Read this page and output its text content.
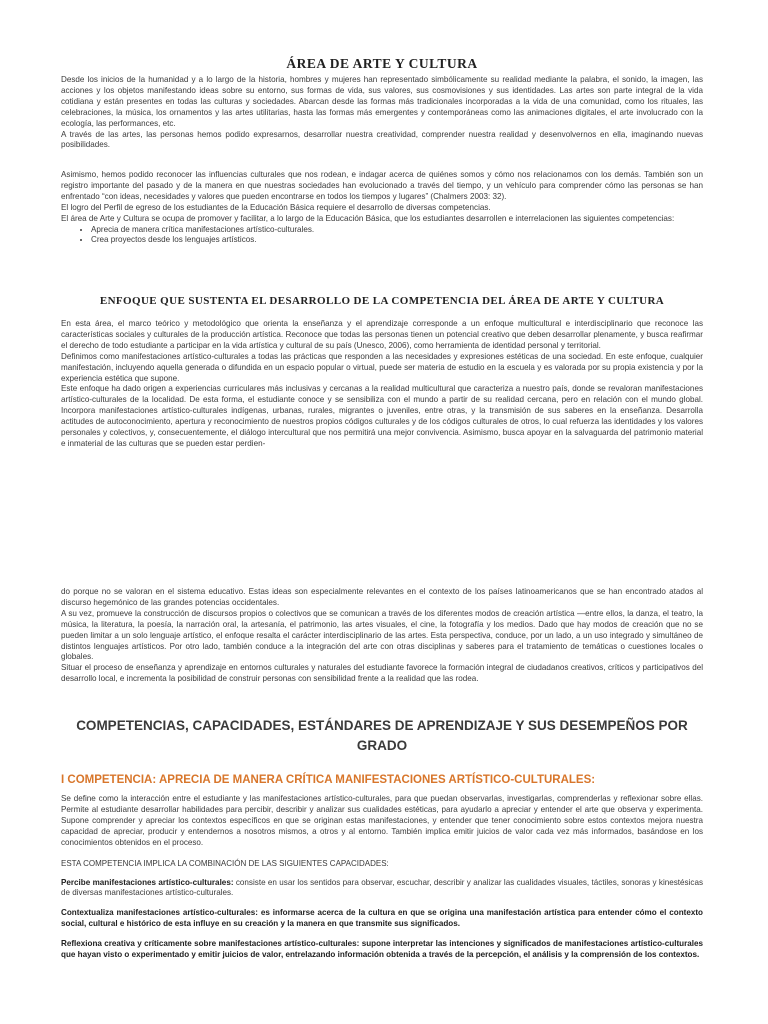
ÁREA DE ARTE Y CULTURA

Desde los inicios de la humanidad y a lo largo de la historia, hombres y mujeres han representado simbólicamente su realidad mediante la palabra, el sonido, la imagen, las acciones y los objetos manifestando ideas sobre su entorno, sus formas de vida, sus valores, sus cosmovisiones y sus identidades. Las artes son parte integral de la vida cotidiana y están presentes en todas las culturas y sociedades. Abarcan desde las formas más tradicionales incorporadas a la vida de una comunidad, como los rituales, las celebraciones, la música, los ornamentos y las artes utilitarias, hasta las formas más emergentes y contemporáneas como las animaciones digitales, el arte involucrado con la ecología, las performances, etc.

A través de las artes, las personas hemos podido expresarnos, desarrollar nuestra creatividad, comprender nuestra realidad y desenvolvernos en ella, imaginando nuevas posibilidades.

Asimismo, hemos podido reconocer las influencias culturales que nos rodean, e indagar acerca de quiénes somos y cómo nos relacionamos con los demás. También son un registro importante del pasado y de la manera en que nuestras sociedades han evolucionado a través del tiempo, y un vehículo para comprender cómo las personas se han enfrentado “con ideas, necesidades y valores que pueden encontrarse en todos los tiempos y lugares” (Chalmers 2003: 32).

El logro del Perfil de egreso de los estudiantes de la Educación Básica requiere el desarrollo de diversas competencias.

El área de Arte y Cultura se ocupa de promover y facilitar, a lo largo de la Educación Básica, que los estudiantes desarrollen e interrelacionen las siguientes competencias:

• Aprecia de manera crítica manifestaciones artístico-culturales.
• Crea proyectos desde los lenguajes artísticos.
ENFOQUE QUE SUSTENTA EL DESARROLLO DE LA COMPETENCIA DEL ÁREA DE ARTE Y CULTURA

En esta área, el marco teórico y metodológico que orienta la enseñanza y el aprendizaje corresponde a un enfoque multicultural e interdisciplinario que reconoce las características sociales y culturales de la producción artística. Reconoce que todas las personas tienen un potencial creativo que deben desarrollar plenamente, y busca reafirmar el derecho de todo estudiante a participar en la vida artística y cultural de su país (Unesco, 2006), como herramienta de identidad personal y territorial.

Definimos como manifestaciones artístico-culturales a todas las prácticas que responden a las necesidades y expresiones estéticas de una sociedad. En este enfoque, cualquier manifestación, incluyendo aquella generada o difundida en un espacio popular o virtual, puede ser materia de estudio en la escuela y es valorada por su propia existencia y por la experiencia estética que supone.

Este enfoque ha dado origen a experiencias curriculares más inclusivas y cercanas a la realidad multicultural que caracteriza a nuestro país, donde se revaloran manifestaciones artístico-culturales de la localidad. De esta forma, el estudiante conoce y se sensibiliza con el mundo a partir de su realidad cercana, pero en relación con el mundo global. Incorpora manifestaciones artístico-culturales indígenas, urbanas, rurales, migrantes o juveniles, entre otras, y la transmisión de sus saberes en la enseñanza. Desarrolla actitudes de autoconocimiento, apertura y reconocimiento de nuestros propios códigos culturales y de los códigos culturales de otros, lo cual refuerza las identidades y los valores personales y colectivos, y, consecuentemente, el diálogo intercultural que nos permitirá una mejor convivencia. Asimismo, busca apoyar en la salvaguarda del patrimonio material e inmaterial de las culturas que se pueden estar perdien-

do porque no se valoran en el sistema educativo. Estas ideas son especialmente relevantes en el contexto de los países latinoamericanos que se han encontrado atados al discurso hegemónico de las grandes potencias occidentales.

A su vez, promueve la construcción de discursos propios o colectivos que se comunican a través de los diferentes modos de creación artística —entre ellos, la danza, el teatro, la música, la literatura, la poesía, la narración oral, la artesanía, el patrimonio, las artes visuales, el cine, la fotografía y los medios. Dado que hay modos de creación que no se pueden limitar a un solo lenguaje artístico, el enfoque resalta el carácter interdisciplinario de las artes. Esta perspectiva, conduce, por un lado, a un uso integrado y simultáneo de distintos lenguajes artísticos. Por otro lado, también conduce a la integración del arte con otras disciplinas y saberes para el tratamiento de temáticas o cuestiones locales o globales.

Situar el proceso de enseñanza y aprendizaje en entornos culturales y naturales del estudiante favorece la formación integral de ciudadanos creativos, críticos y participativos del desarrollo local, e incrementa la posibilidad de construir personas con sensibilidad frente a la realidad que las rodea.

COMPETENCIAS, CAPACIDADES, ESTÁNDARES DE APRENDIZAJE Y SUS DESEMPEÑOS POR GRADO
I COMPETENCIA: APRECIA DE MANERA CRÍTICA MANIFESTACIONES ARTÍSTICO-CULTURALES:

Se define como la interacción entre el estudiante y las manifestaciones artístico-culturales, para que puedan observarlas, investigarlas, comprenderlas y reflexionar sobre ellas. Permite al estudiante desarrollar habilidades para percibir, describir y analizar sus cualidades estéticas, para ayudarlo a apreciar y entender el arte que observa y experimenta. Supone comprender y apreciar los contextos específicos en que se originan estas manifestaciones, y entender que tener conocimiento sobre estos contextos mejora nuestra capacidad de apreciar, producir y entendernos a nosotros mismos, a otros y al entorno. También implica emitir juicios de valor cada vez más informados, basándose en los conocimientos obtenidos en el proceso.

ESTA COMPETENCIA IMPLICA LA COMBINACIÓN DE LAS SIGUIENTES CAPACIDADES:

Percibe manifestaciones artístico-culturales: consiste en usar los sentidos para observar, escuchar, describir y analizar las cualidades visuales, táctiles, sonoras y kinestésicas de diversas manifestaciones artístico-culturales.

Contextualiza manifestaciones artístico-culturales: es informarse acerca de la cultura en que se origina una manifestación artística para entender cómo el contexto social, cultural e histórico de esta influye en su creación y la manera en que transmite sus significados.

Reflexiona creativa y críticamente sobre manifestaciones artístico-culturales: supone interpretar las intenciones y significados de manifestaciones artístico-culturales que hayan visto o experimentado y emitir juicios de valor, entrelazando información obtenida a través de la percepción, el análisis y la comprensión de los contextos.
